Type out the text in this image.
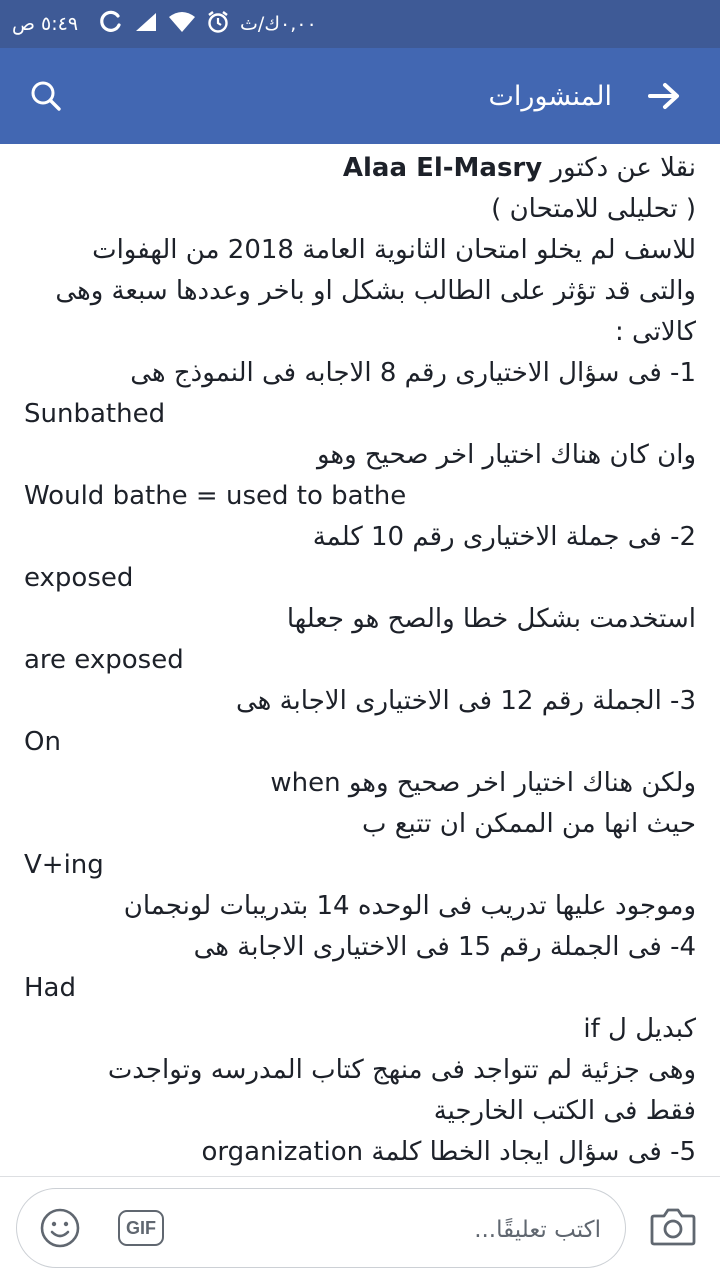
٥:٤٩ ص	٠,٠٠ك/ث
المنشورات
نقلا عن دكتور Alaa El-Masry
( تحليلى للامتحان )
للاسف لم يخلو امتحان الثانوية العامة 2018 من الهفوات
والتى قد تؤثر على الطالب بشكل او باخر وعددها سبعة وهى
كالاتى :
1- فى سؤال الاختيارى رقم 8 الاجابه فى النموذج هى
Sunbathed
وان كان هناك اختيار اخر صحيح وهو
Would bathe = used to bathe
2- فى جملة الاختيارى رقم 10 كلمة
exposed
استخدمت بشكل خطا والصح هو جعلها
are exposed
3- الجملة رقم 12 فى الاختيارى الاجابة هى
On
ولكن هناك اختيار اخر صحيح وهو when
حيث انها من الممكن ان تتبع ب
V+ing
وموجود عليها تدريب فى الوحده 14 بتدريبات لونجمان
4- فى الجملة رقم 15 فى الاختيارى الاجابة هى
Had
كبديل ل if
وهى جزئية لم تتواجد فى منهج كتاب المدرسه وتواجدت
فقط فى الكتب الخارجية
5- فى سؤال ايجاد الخطا كلمة organization
اكتب تعليقًا...
GIF
